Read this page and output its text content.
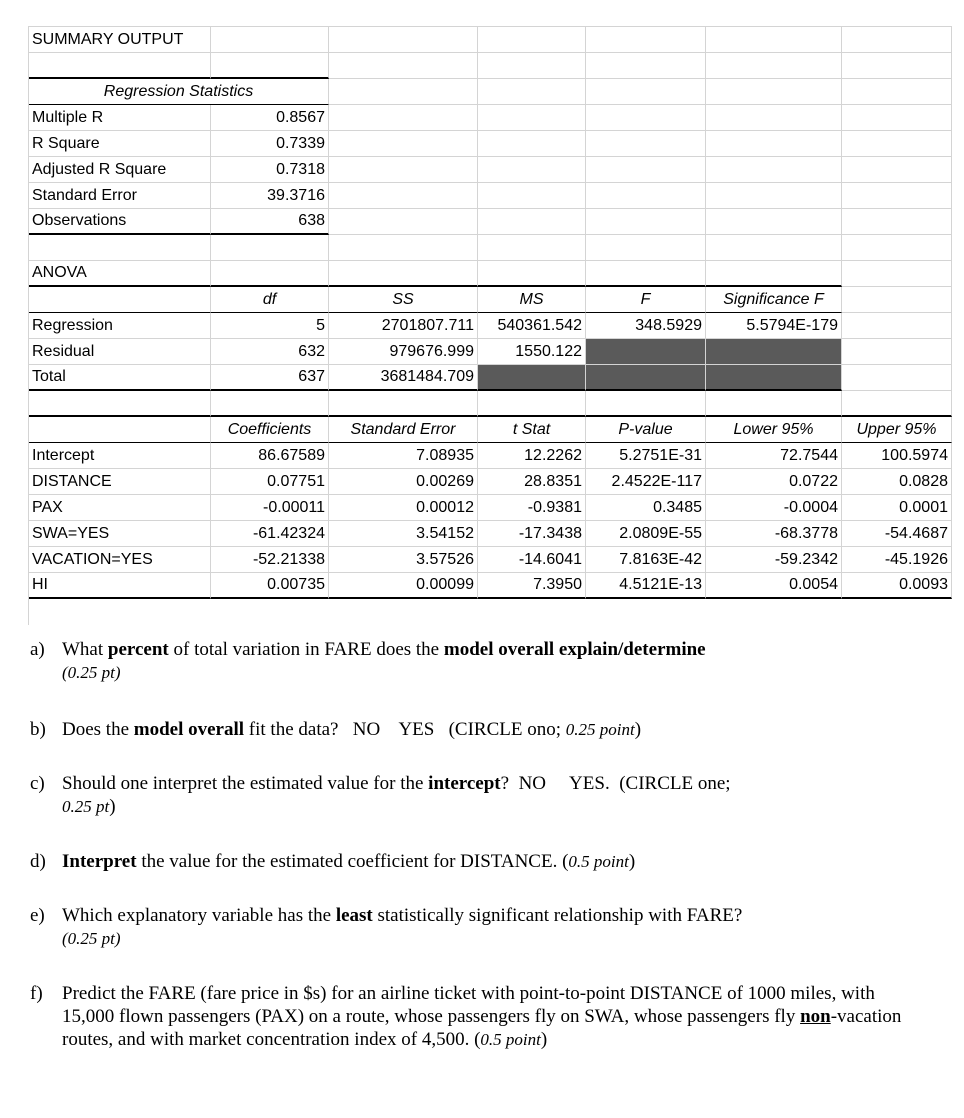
SUMMARY OUTPUT
Regression Statistics
Multiple R	0.8567
R Square	0.7339
Adjusted R Square	0.7318
Standard Error	39.3716
Observations	638
ANOVA
df	SS	MS	F	Significance F
Regression	5	2701807.711	540361.542	348.5929	5.5794E-179
Residual	632	979676.999	1550.122
Total	637	3681484.709
Coefficients	Standard Error	t Stat	P-value	Lower 95%	Upper 95%
Intercept	86.67589	7.08935	12.2262	5.2751E-31	72.7544	100.5974
DISTANCE	0.07751	0.00269	28.8351	2.4522E-117	0.0722	0.0828
PAX	-0.00011	0.00012	-0.9381	0.3485	-0.0004	0.0001
SWA=YES	-61.42324	3.54152	-17.3438	2.0809E-55	-68.3778	-54.4687
VACATION=YES	-52.21338	3.57526	-14.6041	7.8163E-42	-59.2342	-45.1926
HI	0.00735	0.00099	7.3950	4.5121E-13	0.0054	0.0093
a) What percent of total variation in FARE does the model overall explain/determine
(0.25 pt)
b) Does the model overall fit the data?   NO    YES   (CIRCLE ono; 0.25 point)
c) Should one interpret the estimated value for the intercept?  NO     YES.  (CIRCLE one;
0.25 pt)
d) Interpret the value for the estimated coefficient for DISTANCE. (0.5 point)
e) Which explanatory variable has the least statistically significant relationship with FARE?
(0.25 pt)
f) Predict the FARE (fare price in $s) for an airline ticket with point-to-point DISTANCE of 1000 miles, with 15,000 flown passengers (PAX) on a route, whose passengers fly on SWA, whose passengers fly non-vacation routes, and with market concentration index of 4,500. (0.5 point)
